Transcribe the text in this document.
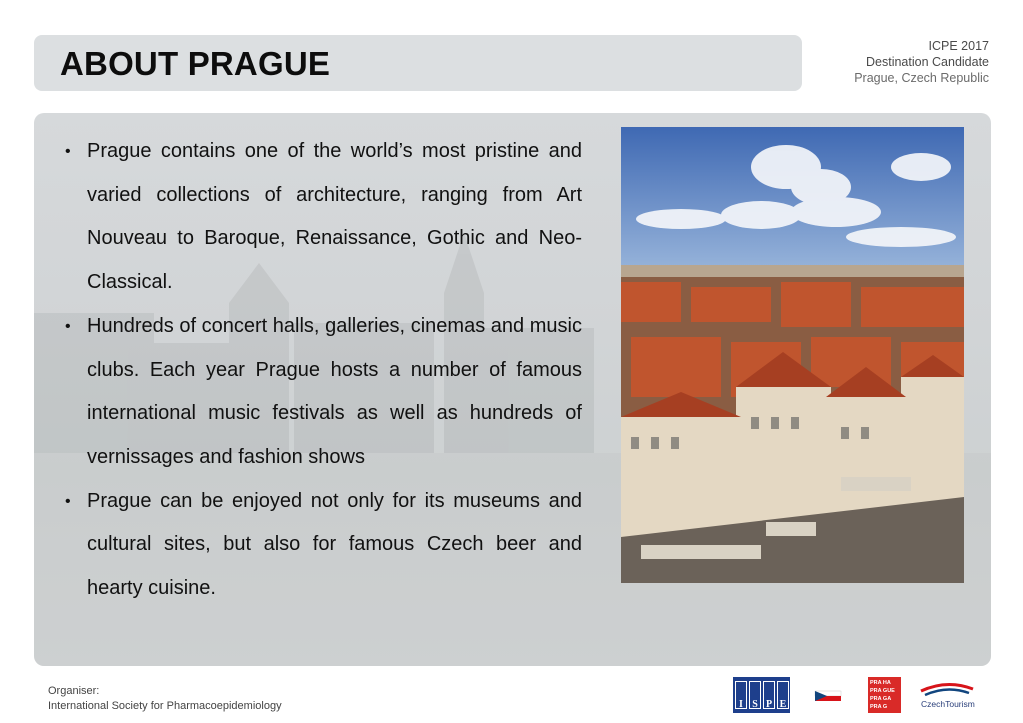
ABOUT PRAGUE	ICPE 2017
Destination Candidate
Prague, Czech Republic
• Prague contains one of the world’s most pristine and varied collections of architecture, ranging from Art Nouveau to Baroque, Renaissance, Gothic and Neo-Classical.
• Hundreds of concert halls, galleries, cinemas and music clubs. Each year Prague hosts a number of famous international music festivals as well as hundreds of vernissages and fashion shows
• Prague can be enjoyed not only for its museums and cultural sites, but also for famous Czech beer and hearty cuisine.
Organiser:
International Society for Pharmacoepidemiology	I S P E
PRA HA
PRA GUE
PRA GA
PRA G	CzechTourism
